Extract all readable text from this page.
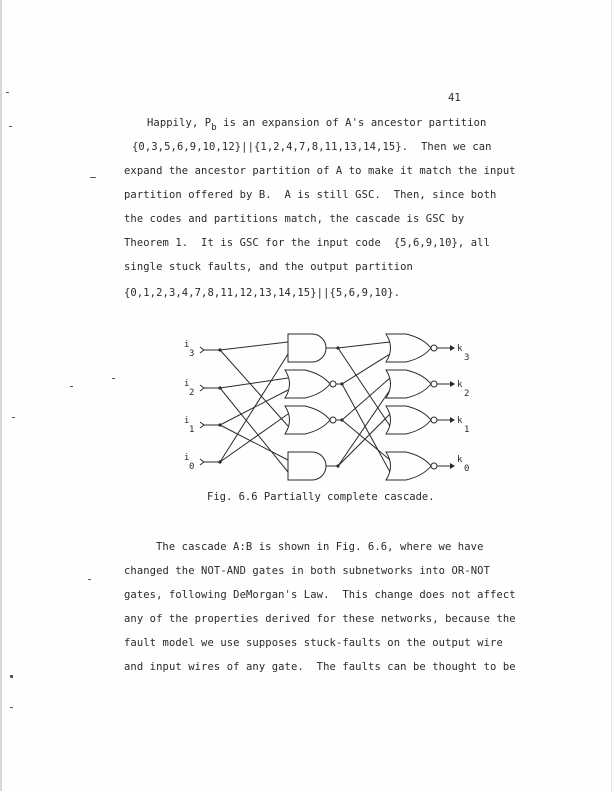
41
Happily, Pb is an expansion of A's ancestor partition
{0,3,5,6,9,10,12}||{1,2,4,7,8,11,13,14,15}.  Then we can
expand the ancestor partition of A to make it match the input
partition offered by B.  A is still GSC.  Then, since both
the codes and partitions match, the cascade is GSC by
Theorem 1.  It is GSC for the input code  {5,6,9,10}, all
single stuck faults, and the output partition
{0,1,2,3,4,7,8,11,12,13,14,15}||{5,6,9,10}.
i
3
i
2
i
1
i
0
k
3
k
2
k
1
k
0
Fig. 6.6 Partially complete cascade.
The cascade A:B is shown in Fig. 6.6, where we have
changed the NOT-AND gates in both subnetworks into OR-NOT
gates, following DeMorgan's Law.  This change does not affect
any of the properties derived for these networks, because the
fault model we use supposes stuck-faults on the output wire
and input wires of any gate.  The faults can be thought to be
